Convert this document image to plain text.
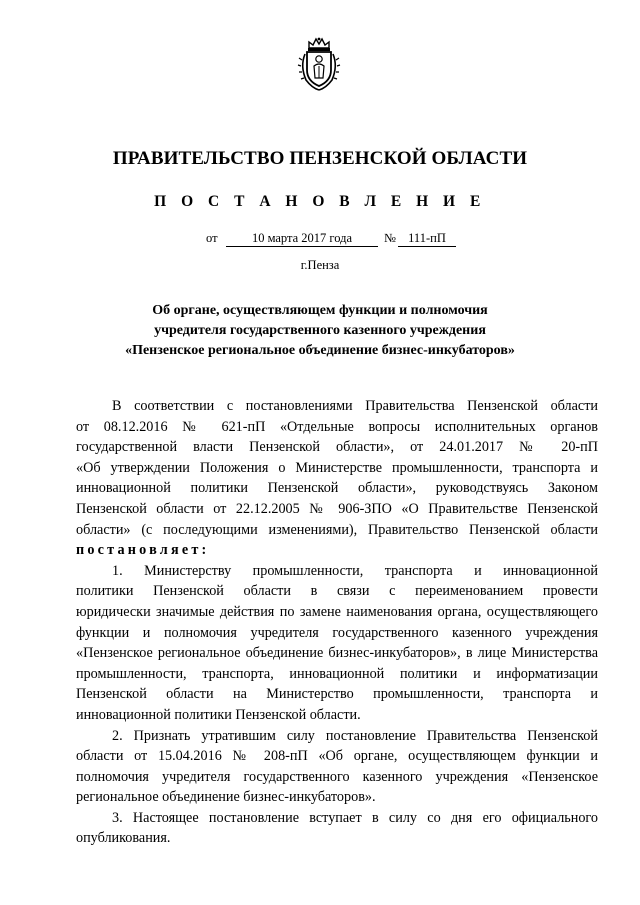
ПРАВИТЕЛЬСТВО ПЕНЗЕНСКОЙ ОБЛАСТИ
П О С Т А Н О В Л Е Н И Е
от	10 марта 2017 года	№ 111-пП
г.Пенза
Об органе, осуществляющем функции и полномочия
учредителя государственного казенного учреждения
«Пензенское региональное объединение бизнес-инкубаторов»
В соответствии с постановлениями Правительства Пензенской области
от 08.12.2016 № 621-пП «Отдельные вопросы исполнительных органов
государственной власти Пензенской области», от 24.01.2017 № 20-пП
«Об утверждении Положения о Министерстве промышленности, транспорта и
инновационной политики Пензенской области», руководствуясь Законом
Пензенской области от 22.12.2005 № 906-ЗПО «О Правительстве Пензенской
области» (с последующими изменениями), Правительство Пензенской области
постановляет:
1. Министерству промышленности, транспорта и инновационной
политики Пензенской области в связи с переименованием провести
юридически значимые действия по замене наименования органа, осуществляющего
функции и полномочия учредителя государственного казенного учреждения
«Пензенское региональное объединение бизнес-инкубаторов», в лице Министерства
промышленности, транспорта, инновационной политики и информатизации
Пензенской области на Министерство промышленности, транспорта и
инновационной политики Пензенской области.
2. Признать утратившим силу постановление Правительства Пензенской
области от 15.04.2016 № 208-пП «Об органе, осуществляющем функции и
полномочия учредителя государственного казенного учреждения «Пензенское
региональное объединение бизнес-инкубаторов».
3. Настоящее постановление вступает в силу со дня его официального
опубликования.
